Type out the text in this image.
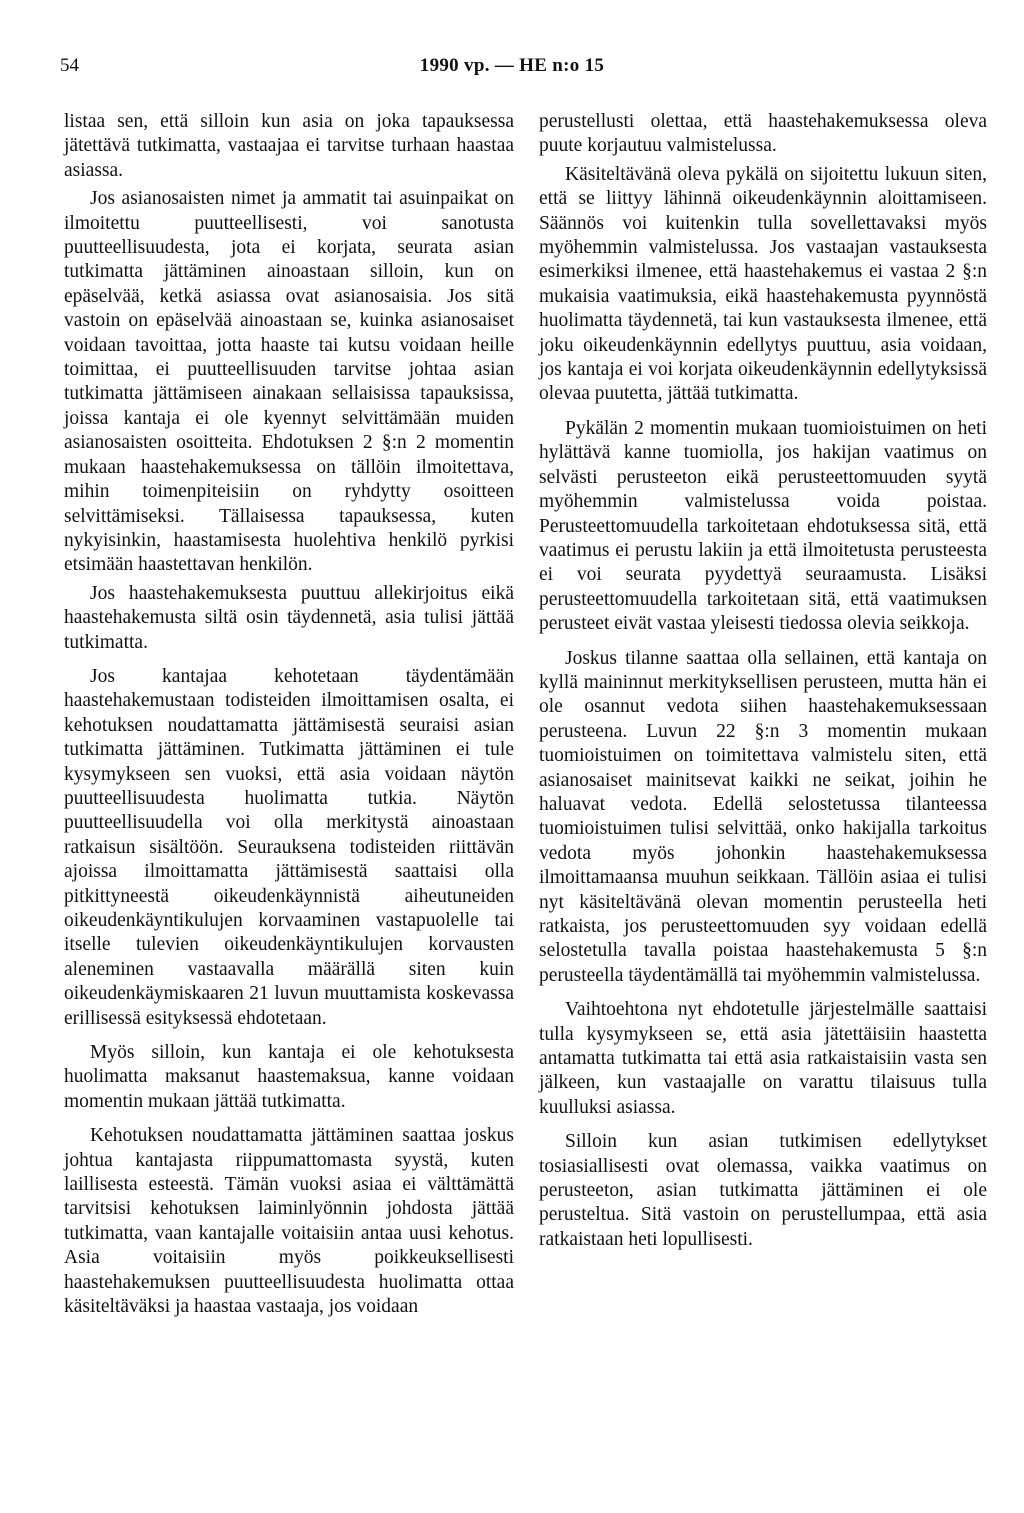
54	1990 vp. — HE n:o 15

listaa sen, että silloin kun asia on joka tapauksessa jätettävä tutkimatta, vastaajaa ei tarvitse turhaan haastaa asiassa.

Jos asianosaisten nimet ja ammatit tai asuinpaikat on ilmoitettu puutteellisesti, voi sanotusta puutteellisuudesta, jota ei korjata, seurata asian tutkimatta jättäminen ainoastaan silloin, kun on epäselvää, ketkä asiassa ovat asianosaisia. Jos sitä vastoin on epäselvää ainoastaan se, kuinka asianosaiset voidaan tavoittaa, jotta haaste tai kutsu voidaan heille toimittaa, ei puutteellisuuden tarvitse johtaa asian tutkimatta jättämiseen ainakaan sellaisissa tapauksissa, joissa kantaja ei ole kyennyt selvittämään muiden asianosaisten osoitteita. Ehdotuksen 2 §:n 2 momentin mukaan haastehakemuksessa on tällöin ilmoitettava, mihin toimenpiteisiin on ryhdytty osoitteen selvittämiseksi. Tällaisessa tapauksessa, kuten nykyisinkin, haastamisesta huolehtiva henkilö pyrkisi etsimään haastettavan henkilön.

Jos haastehakemuksesta puuttuu allekirjoitus eikä haastehakemusta siltä osin täydennetä, asia tulisi jättää tutkimatta.

Jos kantajaa kehotetaan täydentämään haastehakemustaan todisteiden ilmoittamisen osalta, ei kehotuksen noudattamatta jättämisestä seuraisi asian tutkimatta jättäminen. Tutkimatta jättäminen ei tule kysymykseen sen vuoksi, että asia voidaan näytön puutteellisuudesta huolimatta tutkia. Näytön puutteellisuudella voi olla merkitystä ainoastaan ratkaisun sisältöön. Seurauksena todisteiden riittävän ajoissa ilmoittamatta jättämisestä saattaisi olla pitkittyneestä oikeudenkäynnistä aiheutuneiden oikeudenkäyntikulujen korvaaminen vastapuolelle tai itselle tulevien oikeudenkäyntikulujen korvausten aleneminen vastaavalla määrällä siten kuin oikeudenkäymiskaaren 21 luvun muuttamista koskevassa erillisessä esityksessä ehdotetaan.

Myös silloin, kun kantaja ei ole kehotuksesta huolimatta maksanut haastemaksua, kanne voidaan momentin mukaan jättää tutkimatta.

Kehotuksen noudattamatta jättäminen saattaa joskus johtua kantajasta riippumattomasta syystä, kuten laillisesta esteestä. Tämän vuoksi asiaa ei välttämättä tarvitsisi kehotuksen laiminlyönnin johdosta jättää tutkimatta, vaan kantajalle voitaisiin antaa uusi kehotus. Asia voitaisiin myös poikkeuksellisesti haastehakemuksen puutteellisuudesta huolimatta ottaa käsiteltäväksi ja haastaa vastaaja, jos voidaan

perustellusti olettaa, että haastehakemuksessa oleva puute korjautuu valmistelussa.

Käsiteltävänä oleva pykälä on sijoitettu lukuun siten, että se liittyy lähinnä oikeudenkäynnin aloittamiseen. Säännös voi kuitenkin tulla sovellettavaksi myös myöhemmin valmistelussa. Jos vastaajan vastauksesta esimerkiksi ilmenee, että haastehakemus ei vastaa 2 §:n mukaisia vaatimuksia, eikä haastehakemusta pyynnöstä huolimatta täydennetä, tai kun vastauksesta ilmenee, että joku oikeudenkäynnin edellytys puuttuu, asia voidaan, jos kantaja ei voi korjata oikeudenkäynnin edellytyksissä olevaa puutetta, jättää tutkimatta.

Pykälän 2 momentin mukaan tuomioistuimen on heti hylättävä kanne tuomiolla, jos hakijan vaatimus on selvästi perusteeton eikä perusteettomuuden syytä myöhemmin valmistelussa voida poistaa. Perusteettomuudella tarkoitetaan ehdotuksessa sitä, että vaatimus ei perustu lakiin ja että ilmoitetusta perusteesta ei voi seurata pyydettyä seuraamusta. Lisäksi perusteettomuudella tarkoitetaan sitä, että vaatimuksen perusteet eivät vastaa yleisesti tiedossa olevia seikkoja.

Joskus tilanne saattaa olla sellainen, että kantaja on kyllä maininnut merkityksellisen perusteen, mutta hän ei ole osannut vedota siihen haastehakemuksessaan perusteena. Luvun 22 §:n 3 momentin mukaan tuomioistuimen on toimitettava valmistelu siten, että asianosaiset mainitsevat kaikki ne seikat, joihin he haluavat vedota. Edellä selostetussa tilanteessa tuomioistuimen tulisi selvittää, onko hakijalla tarkoitus vedota myös johonkin haastehakemuksessa ilmoittamaansa muuhun seikkaan. Tällöin asiaa ei tulisi nyt käsiteltävänä olevan momentin perusteella heti ratkaista, jos perusteettomuuden syy voidaan edellä selostetulla tavalla poistaa haastehakemusta 5 §:n perusteella täydentämällä tai myöhemmin valmistelussa.

Vaihtoehtona nyt ehdotetulle järjestelmälle saattaisi tulla kysymykseen se, että asia jätettäisiin haastetta antamatta tutkimatta tai että asia ratkaistaisiin vasta sen jälkeen, kun vastaajalle on varattu tilaisuus tulla kuulluksi asiassa.

Silloin kun asian tutkimisen edellytykset tosiasiallisesti ovat olemassa, vaikka vaatimus on perusteeton, asian tutkimatta jättäminen ei ole perusteltua. Sitä vastoin on perustellumpaa, että asia ratkaistaan heti lopullisesti.
